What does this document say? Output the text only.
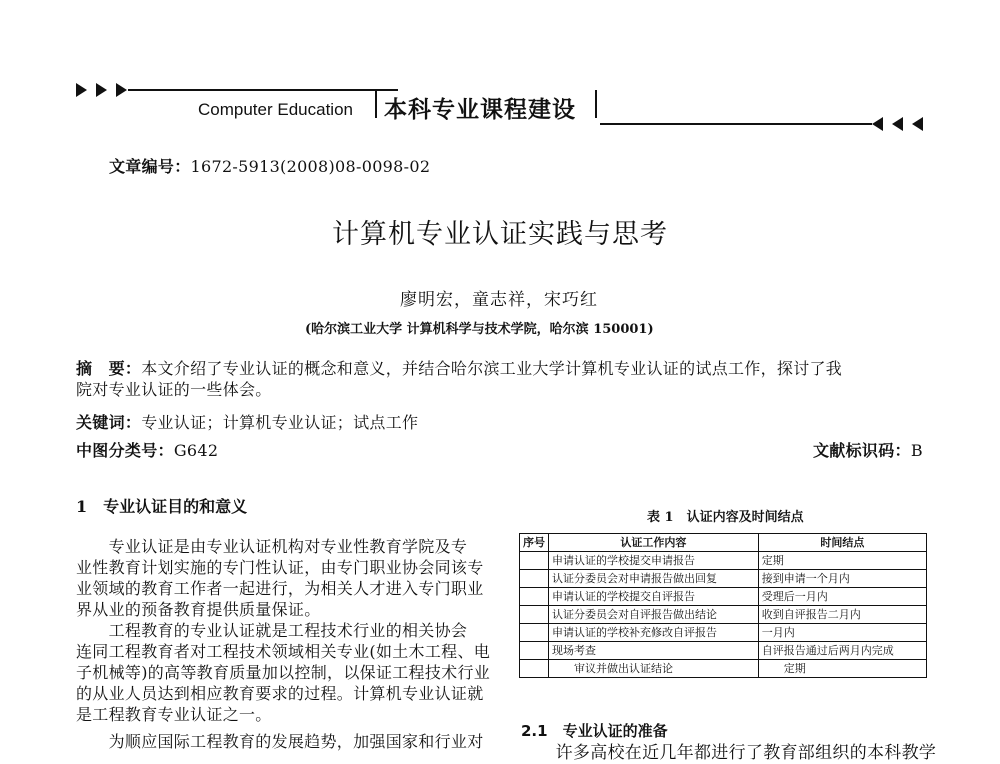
Computer Education 本科专业课程建设
文章编号：1672-5913(2008)08-0098-02
计算机专业认证实践与思考
廖明宏，童志祥，宋巧红
(哈尔滨工业大学 计算机科学与技术学院，哈尔滨 150001)
摘　要：本文介绍了专业认证的概念和意义，并结合哈尔滨工业大学计算机专业认证的试点工作，探讨了我
院对专业认证的一些体会。
关键词：专业认证；计算机专业认证；试点工作
中图分类号：G642	文献标识码：B
1　专业认证目的和意义
　　专业认证是由专业认证机构对专业性教育学院及专
业性教育计划实施的专门性认证，由专门职业协会同该专
业领域的教育工作者一起进行，为相关人才进入专门职业
界从业的预备教育提供质量保证。
　　工程教育的专业认证就是工程技术行业的相关协会
连同工程教育者对工程技术领域相关专业(如土木工程、电
子机械等)的高等教育质量加以控制，以保证工程技术行业
的从业人员达到相应教育要求的过程。计算机专业认证就
是工程教育专业认证之一。
　　为顺应国际工程教育的发展趋势，加强国家和行业对
表 1　认证内容及时间结点
序号	认证工作内容	时间结点
	申请认证的学校提交申请报告	定期
	认证分委员会对申请报告做出回复	接到申请一个月内
	申请认证的学校提交自评报告	受理后一月内
	认证分委员会对自评报告做出结论	收到自评报告二月内
	申请认证的学校补充修改自评报告	一月内
	现场考查	自评报告通过后两月内完成
	　　审议并做出认证结论	　　定期
2.1　专业认证的准备
　　许多高校在近几年都进行了教育部组织的本科教学
